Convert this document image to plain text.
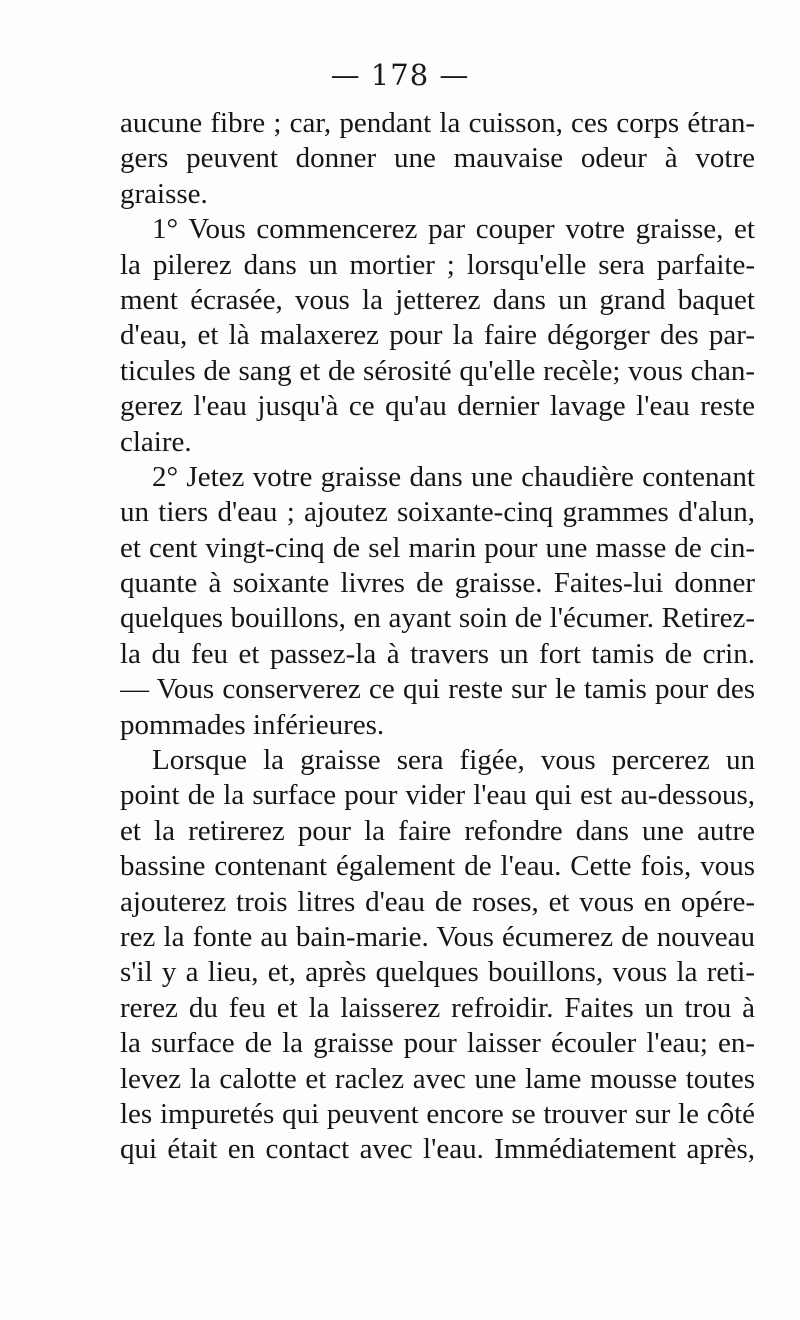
— 178 —
aucune fibre ; car, pendant la cuisson, ces corps étran-
gers peuvent donner une mauvaise odeur à votre
graisse.
1° Vous commencerez par couper votre graisse, et
la pilerez dans un mortier ; lorsqu'elle sera parfaite-
ment écrasée, vous la jetterez dans un grand baquet
d'eau, et là malaxerez pour la faire dégorger des par-
ticules de sang et de sérosité qu'elle recèle; vous chan-
gerez l'eau jusqu'à ce qu'au dernier lavage l'eau reste
claire.
2° Jetez votre graisse dans une chaudière contenant
un tiers d'eau ; ajoutez soixante-cinq grammes d'alun,
et cent vingt-cinq de sel marin pour une masse de cin-
quante à soixante livres de graisse. Faites-lui donner
quelques bouillons, en ayant soin de l'écumer. Retirez-
la du feu et passez-la à travers un fort tamis de crin.
— Vous conserverez ce qui reste sur le tamis pour des
pommades inférieures.
Lorsque la graisse sera figée, vous percerez un
point de la surface pour vider l'eau qui est au-dessous,
et la retirerez pour la faire refondre dans une autre
bassine contenant également de l'eau. Cette fois, vous
ajouterez trois litres d'eau de roses, et vous en opére-
rez la fonte au bain-marie. Vous écumerez de nouveau
s'il y a lieu, et, après quelques bouillons, vous la reti-
rerez du feu et la laisserez refroidir. Faites un trou à
la surface de la graisse pour laisser écouler l'eau; en-
levez la calotte et raclez avec une lame mousse toutes
les impuretés qui peuvent encore se trouver sur le côté
qui était en contact avec l'eau. Immédiatement après,
